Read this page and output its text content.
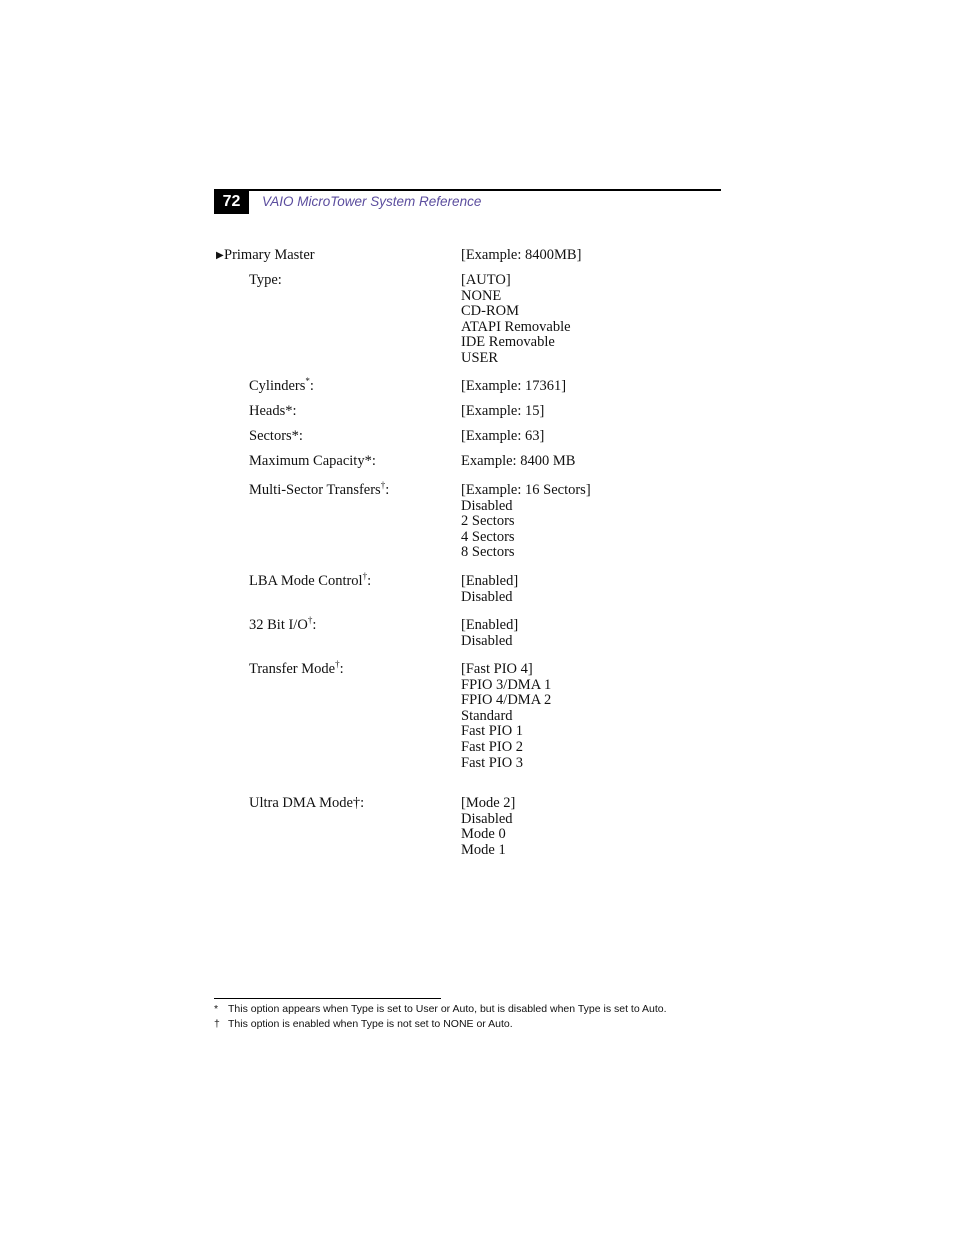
72	VAIO MicroTower System Reference
▶Primary Master	[Example: 8400MB]
Type:	[AUTO]
NONE
CD-ROM
ATAPI Removable
IDE Removable
USER
Cylinders*:	[Example: 17361]
Heads*:	[Example: 15]
Sectors*:	[Example: 63]
Maximum Capacity*:	Example: 8400 MB
Multi-Sector Transfers†:	[Example: 16 Sectors]
Disabled
2 Sectors
4 Sectors
8 Sectors
LBA Mode Control†:	[Enabled]
Disabled
32 Bit I/O†:	[Enabled]
Disabled
Transfer Mode†:	[Fast PIO 4]
FPIO 3/DMA 1
FPIO 4/DMA 2
Standard
Fast PIO 1
Fast PIO 2
Fast PIO 3
Ultra DMA Mode†:	[Mode 2]
Disabled
Mode 0
Mode 1
* This option appears when Type is set to User or Auto, but is disabled when Type is set to Auto.
† This option is enabled when Type is not set to NONE or Auto.
